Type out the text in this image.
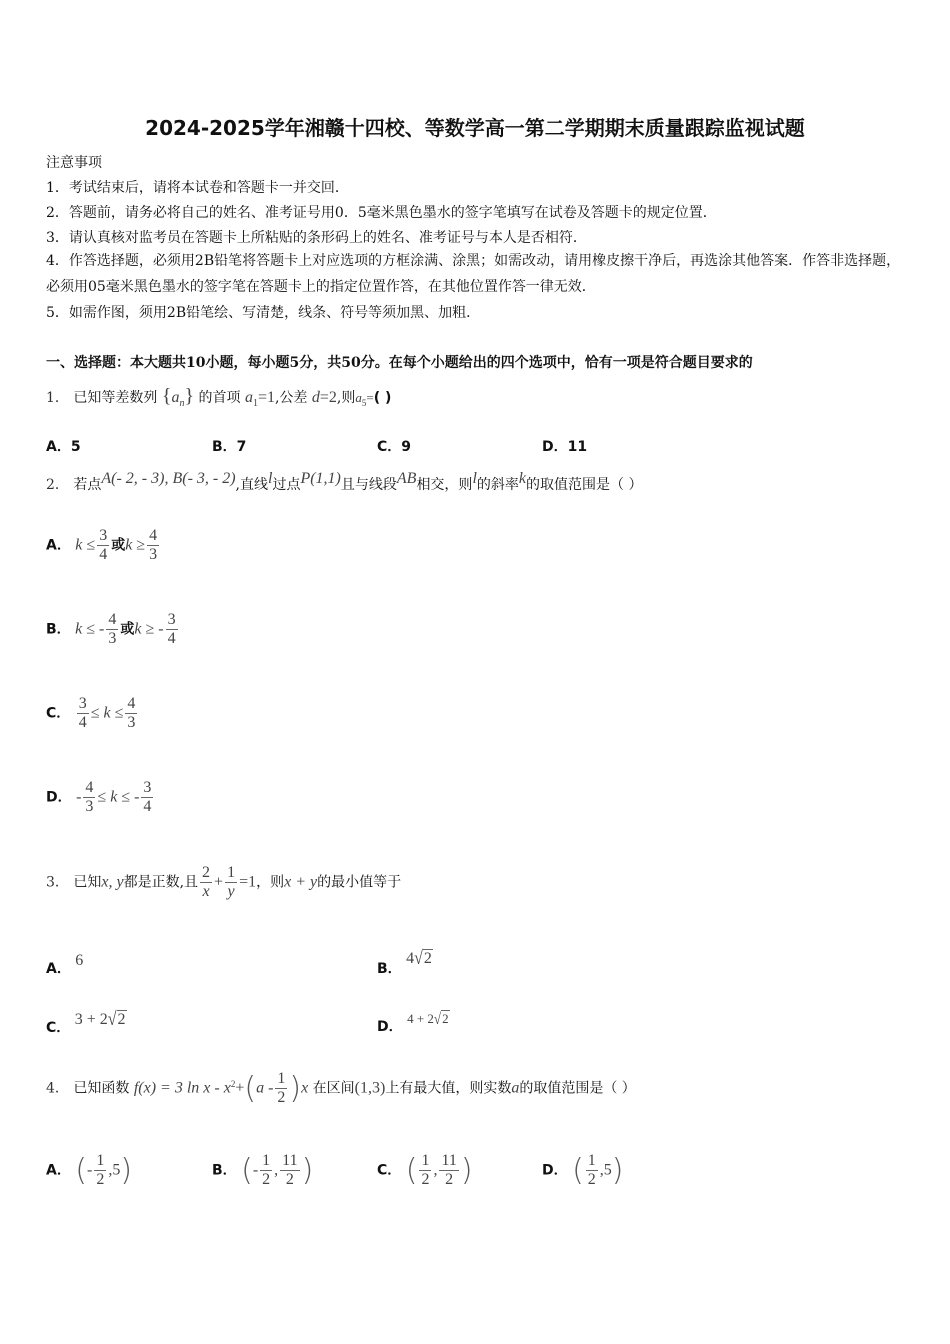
2024-2025学年湘赣十四校、等数学高一第二学期期末质量跟踪监视试题
注意事项
1．考试结束后，请将本试卷和答题卡一并交回．
2．答题前，请务必将自己的姓名、准考证号用0．5毫米黑色墨水的签字笔填写在试卷及答题卡的规定位置．
3．请认真核对监考员在答题卡上所粘贴的条形码上的姓名、准考证号与本人是否相符．
4．作答选择题，必须用2B铅笔将答题卡上对应选项的方框涂满、涂黑；如需改动，请用橡皮擦干净后，再选涂其他答案．作答非选择题，必须用05毫米黑色墨水的签字笔在答题卡上的指定位置作答，在其他位置作答一律无效．
5．如需作图，须用2B铅笔绘、写清楚，线条、符号等须加黑、加粗．
一、选择题：本大题共10小题，每小题5分，共50分。在每个小题给出的四个选项中，恰有一项是符合题目要求的
1． 已知等差数列 $\{a_n\}$ 的首项 $a_1=1$,公差 d=2,则$a_5=$( )
A．5	B．7	C．9	D．11
2． 若点A(- 2, - 3), B(- 3, - 2),直线l过点P(1,1)且与线段AB相交，则l的斜率k的取值范围是（ ）
A． $k \le \frac{3}{4}$ 或$k \ge \frac{4}{3}$
B． k ≤ - $\frac{4}{3}$ 或k ≥ - $\frac{3}{4}$
C． $\frac{3}{4} \le k \le \frac{4}{3}$
D． - $\frac{4}{3} \le k$ ≤ - $\frac{3}{4}$
3． 已知x, y都是正数,且 $\frac{2}{x} + \frac{1}{y} =1$，则x + y的最小值等于
A． 6	B． 4√2
C． 3 + 2√2	D． 4 + 2√2
4． 已知函数 f(x) = 3 $\ln x - x^2+(a - \frac{1}{2} )x$ 在区间(1,3)上有最大值，则实数a的取值范围是（ ）
A． (- $\frac{1}{2} ,5$)	B． (- $\frac{1}{2}$ , $\frac{11}{2}$ )	C． ( $\frac{1}{2}$ , $\frac{11}{2}$ )	D． ( $\frac{1}{2} ,5$)
